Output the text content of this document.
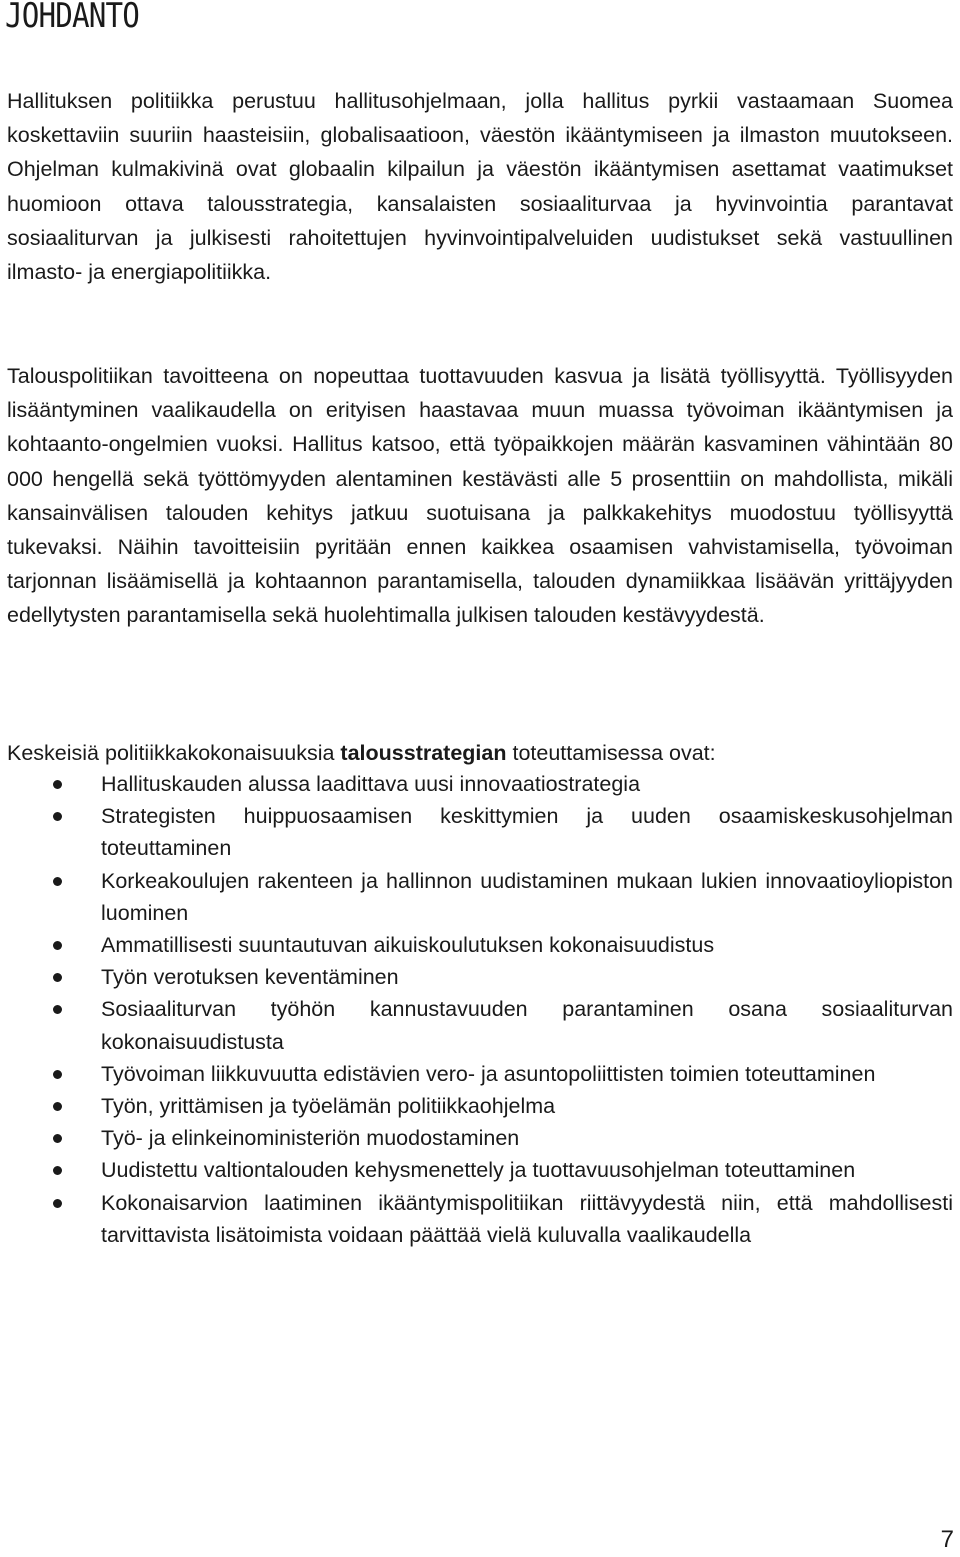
JOHDANTO

Hallituksen politiikka perustuu hallitusohjelmaan, jolla hallitus pyrkii vastaamaan Suomea koskettaviin suuriin haasteisiin, globalisaatioon, väestön ikääntymiseen ja ilmaston muutokseen. Ohjelman kulmakivinä ovat globaalin kilpailun ja väestön ikääntymisen asettamat vaatimukset huomioon ottava talousstrategia, kansalaisten sosiaaliturvaa ja hyvinvointia parantavat sosiaaliturvan ja julkisesti rahoitettujen hyvinvointipalveluiden uudistukset sekä vastuullinen ilmasto- ja energiapolitiikka.

Talouspolitiikan tavoitteena on nopeuttaa tuottavuuden kasvua ja lisätä työllisyyttä. Työllisyyden lisääntyminen vaalikaudella on erityisen haastavaa muun muassa työvoiman ikääntymisen ja kohtaanto-ongelmien vuoksi. Hallitus katsoo, että työpaikkojen määrän kasvaminen vähintään 80 000 hengellä sekä työttömyyden alentaminen kestävästi alle 5 prosenttiin on mahdollista, mikäli kansainvälisen talouden kehitys jatkuu suotuisana ja palkkakehitys muodostuu työllisyyttä tukevaksi. Näihin tavoitteisiin pyritään ennen kaikkea osaamisen vahvistamisella, työvoiman tarjonnan lisäämisellä ja kohtaannon parantamisella, talouden dynamiikkaa lisäävän yrittäjyyden edellytysten parantamisella sekä huolehtimalla julkisen talouden kestävyydestä.

Keskeisiä politiikkakokonaisuuksia talousstrategian toteuttamisessa ovat:

Hallituskauden alussa laadittava uusi innovaatiostrategia
Strategisten huippuosaamisen keskittymien ja uuden osaamiskeskusohjelman toteuttaminen
Korkeakoulujen rakenteen ja hallinnon uudistaminen mukaan lukien innovaatioyliopiston luominen
Ammatillisesti suuntautuvan aikuiskoulutuksen kokonaisuudistus
Työn verotuksen keventäminen
Sosiaaliturvan työhön kannustavuuden parantaminen osana sosiaaliturvan kokonaisuudistusta
Työvoiman liikkuvuutta edistävien vero- ja asuntopoliittisten toimien toteuttaminen
Työn, yrittämisen ja työelämän politiikkaohjelma
Työ- ja elinkeinoministeriön muodostaminen
Uudistettu valtiontalouden kehysmenettely ja tuottavuusohjelman toteuttaminen
Kokonaisarvion laatiminen ikääntymispolitiikan riittävyydestä niin, että mahdollisesti tarvittavista lisätoimista voidaan päättää vielä kuluvalla vaalikaudella
7
